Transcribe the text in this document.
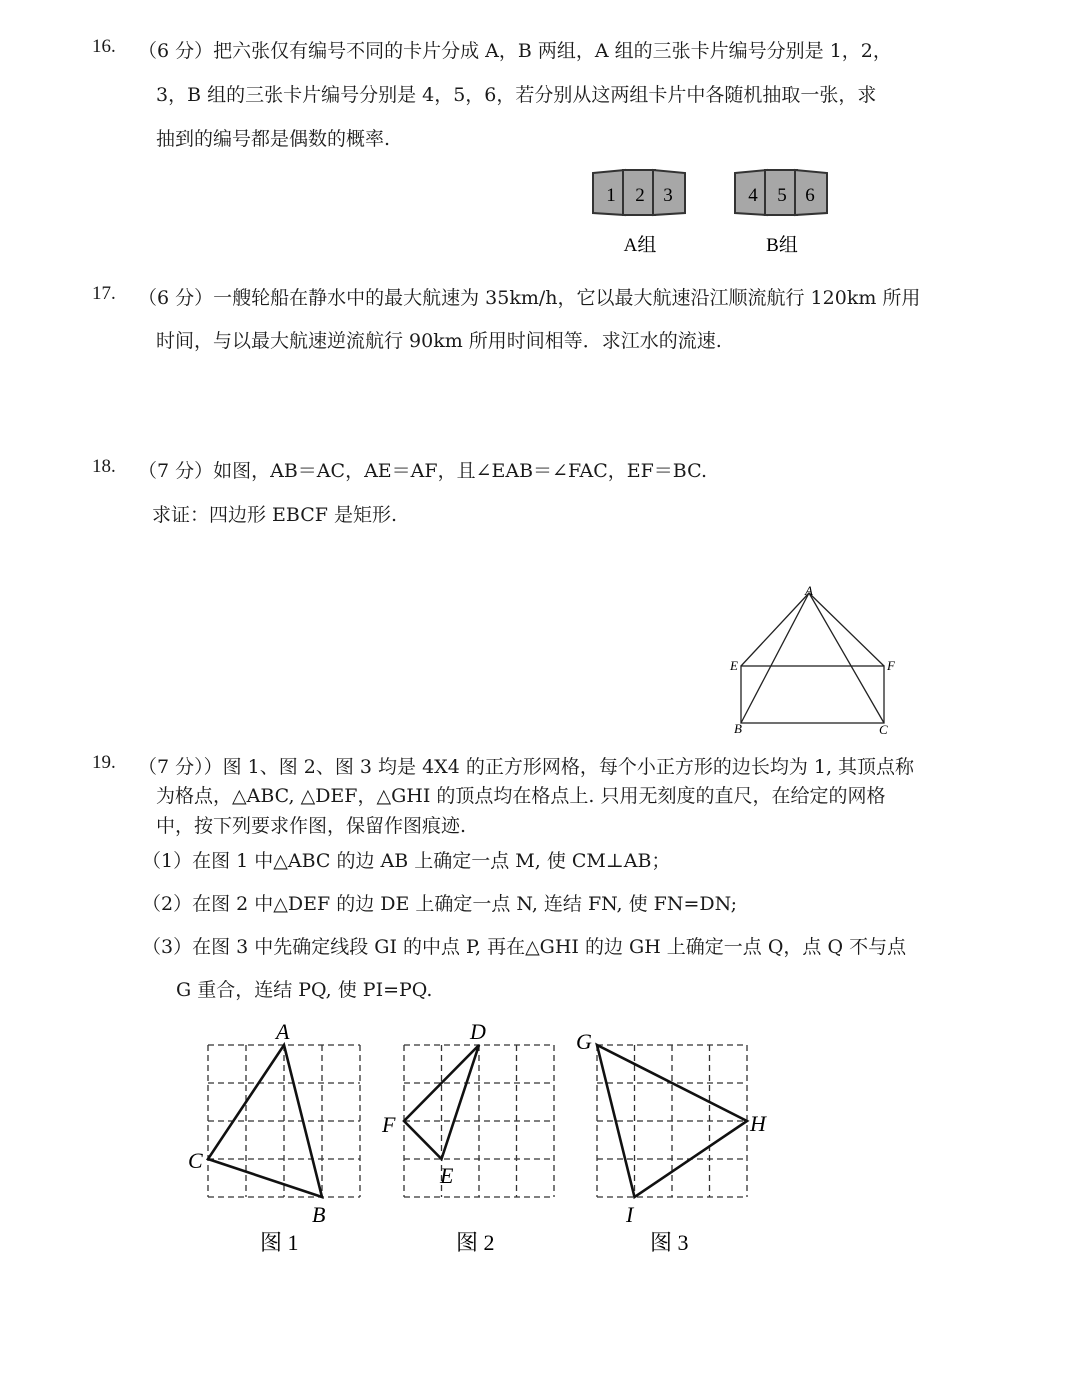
16. （6 分）把六张仅有编号不同的卡片分成 A，B 两组，A 组的三张卡片编号分别是 1，2，
3，B 组的三张卡片编号分别是 4，5，6，若分别从这两组卡片中各随机抽取一张，求
抽到的编号都是偶数的概率.
1 2 3	4 5 6
A组	B组
17. （6 分）一艘轮船在静水中的最大航速为 35km/h，它以最大航速沿江顺流航行 120km 所用
时间，与以最大航速逆流航行 90km 所用时间相等．求江水的流速.
18. （7 分）如图，AB＝AC，AE＝AF，且∠EAB＝∠FAC，EF＝BC.
求证：四边形 EBCF 是矩形.
A
E	F
B	C
19. （7 分））图 1、图 2、图 3 均是 4X4 的正方形网格，每个小正方形的边长均为 1, 其顶点称
为格点，△ABC, △DEF，△GHI 的顶点均在格点上. 只用无刻度的直尺，在给定的网格
中，按下列要求作图，保留作图痕迹.
（1）在图 1 中△ABC 的边 AB 上确定一点 M, 使 CM⊥AB；
（2）在图 2 中△DEF 的边 DE 上确定一点 N, 连结 FN, 使 FN=DN;
（3）在图 3 中先确定线段 GI 的中点 P, 再在△GHI 的边 GH 上确定一点 Q，点 Q 不与点
G 重合，连结 PQ, 使 PI=PQ.
A
B
C
图 1
D
E
F
图 2
G
H
I
图 3
